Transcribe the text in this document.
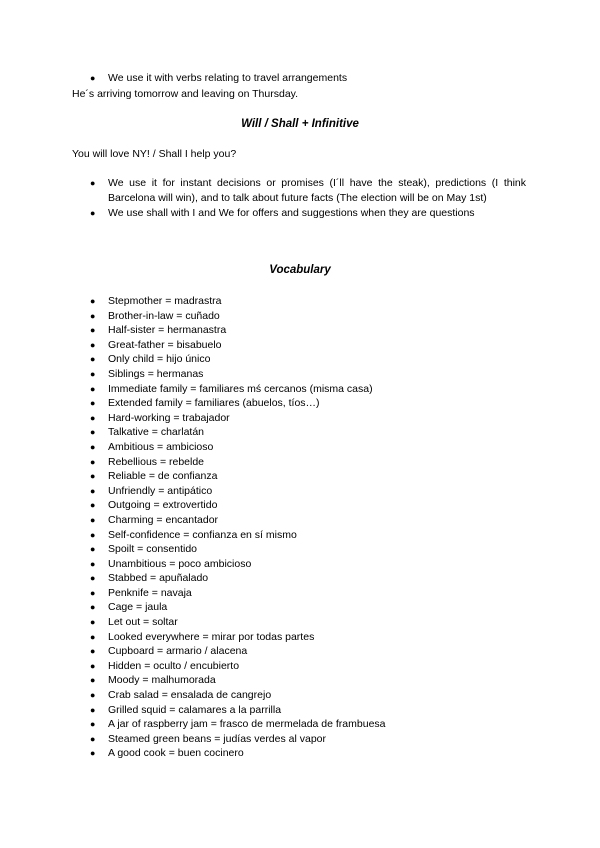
● We use it with verbs relating to travel arrangements
He´s arriving tomorrow and leaving on Thursday.
Will / Shall + Infinitive
You will love NY! / Shall I help you?
● We use it for instant decisions or promises (I´ll have the steak), predictions (I think Barcelona will win), and to talk about future facts (The election will be on May 1st)
● We use shall with I and We for offers and suggestions when they are questions
Vocabulary
● Stepmother = madrastra
● Brother-in-law = cuñado
● Half-sister = hermanastra
● Great-father = bisabuelo
● Only child = hijo único
● Siblings = hermanas
● Immediate family = familiares mś cercanos (misma casa)
● Extended family = familiares (abuelos, tíos…)
● Hard-working = trabajador
● Talkative = charlatán
● Ambitious = ambicioso
● Rebellious = rebelde
● Reliable = de confianza
● Unfriendly = antipático
● Outgoing = extrovertido
● Charming = encantador
● Self-confidence = confianza en sí mismo
● Spoilt = consentido
● Unambitious = poco ambicioso
● Stabbed = apuñalado
● Penknife = navaja
● Cage = jaula
● Let out = soltar
● Looked everywhere = mirar por todas partes
● Cupboard = armario / alacena
● Hidden = oculto / encubierto
● Moody = malhumorada
● Crab salad = ensalada de cangrejo
● Grilled squid = calamares a la parrilla
● A jar of raspberry jam = frasco de mermelada de frambuesa
● Steamed green beans = judías verdes al vapor
● A good cook = buen cocinero
